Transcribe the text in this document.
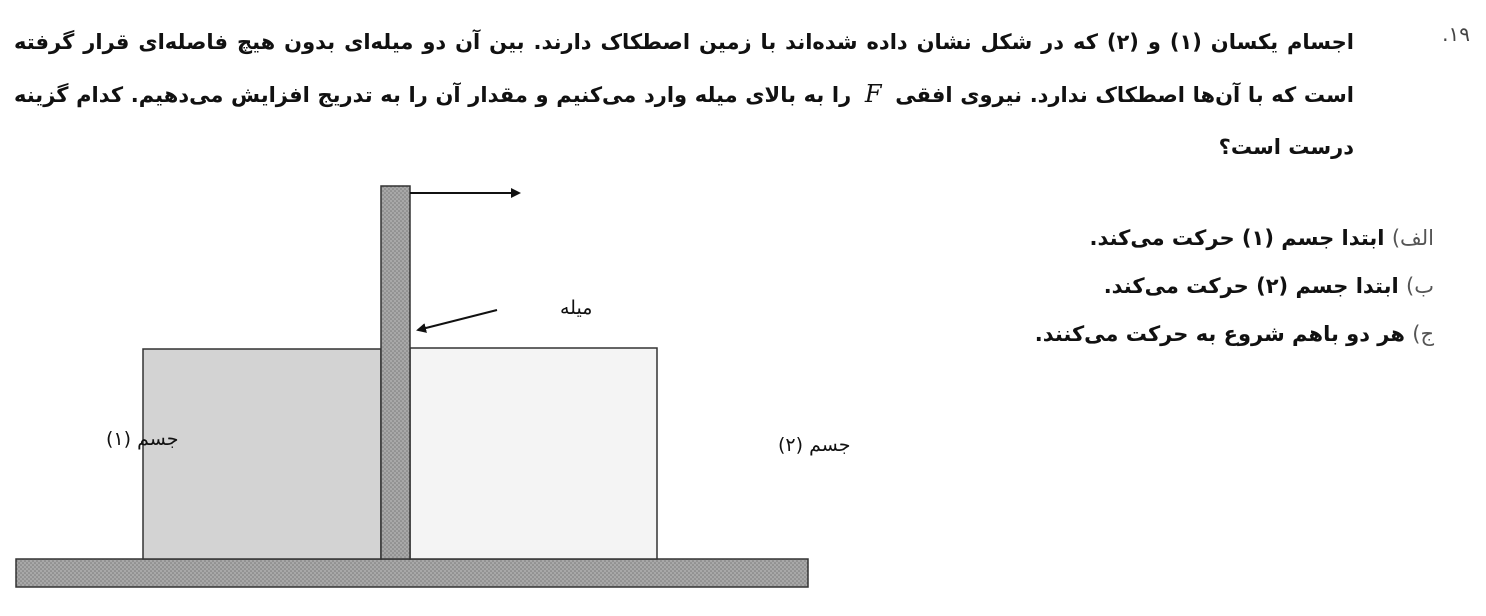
۱۹.
اجسام یکسان (۱) و (۲) که در شکل نشان داده شده‌اند با زمین اصطکاک دارند. بین آن دو میله‌ای بدون هیچ فاصله‌ای قرار گرفته است که با آن‌ها اصطکاک ندارد. نیروی افقی F را به بالای میله وارد می‌کنیم و مقدار آن را به تدریج افزایش می‌دهیم. کدام گزینه درست است؟
الف) ابتدا جسم (۱) حرکت می‌کند.
ب) ابتدا جسم (۲) حرکت می‌کند.
ج) هر دو باهم شروع به حرکت می‌کنند.
میله
جسم (۱)	جسم (۲)
